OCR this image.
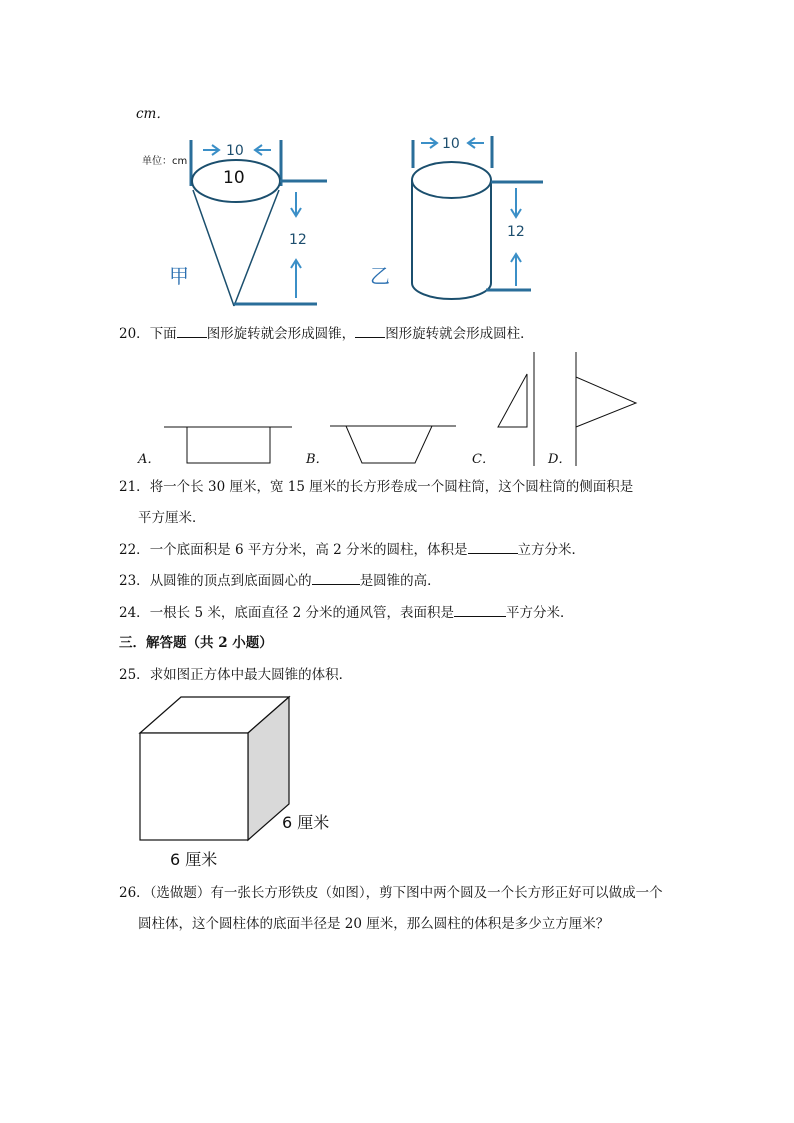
cm．
单位：cm
10
10
12
甲
10
12
乙
20．下面 图形旋转就会形成圆锥， 图形旋转就会形成圆柱．
A．	B．	C．	D．
21．将一个长 30 厘米，宽 15 厘米的长方形卷成一个圆柱筒，这个圆柱筒的侧面积是
平方厘米．
22．一个底面积是 6 平方分米，高 2 分米的圆柱，体积是	立方分米．
23．从圆锥的顶点到底面圆心的	是圆锥的高．
24．一根长 5 米，底面直径 2 分米的通风管，表面积是	平方分米．
三．解答题（共 2 小题）
25．求如图正方体中最大圆锥的体积．
6 厘米
6 厘米
26．（选做题）有一张长方形铁皮（如图），剪下图中两个圆及一个长方形正好可以做成一个
圆柱体，这个圆柱体的底面半径是 20 厘米，那么圆柱的体积是多少立方厘米？
